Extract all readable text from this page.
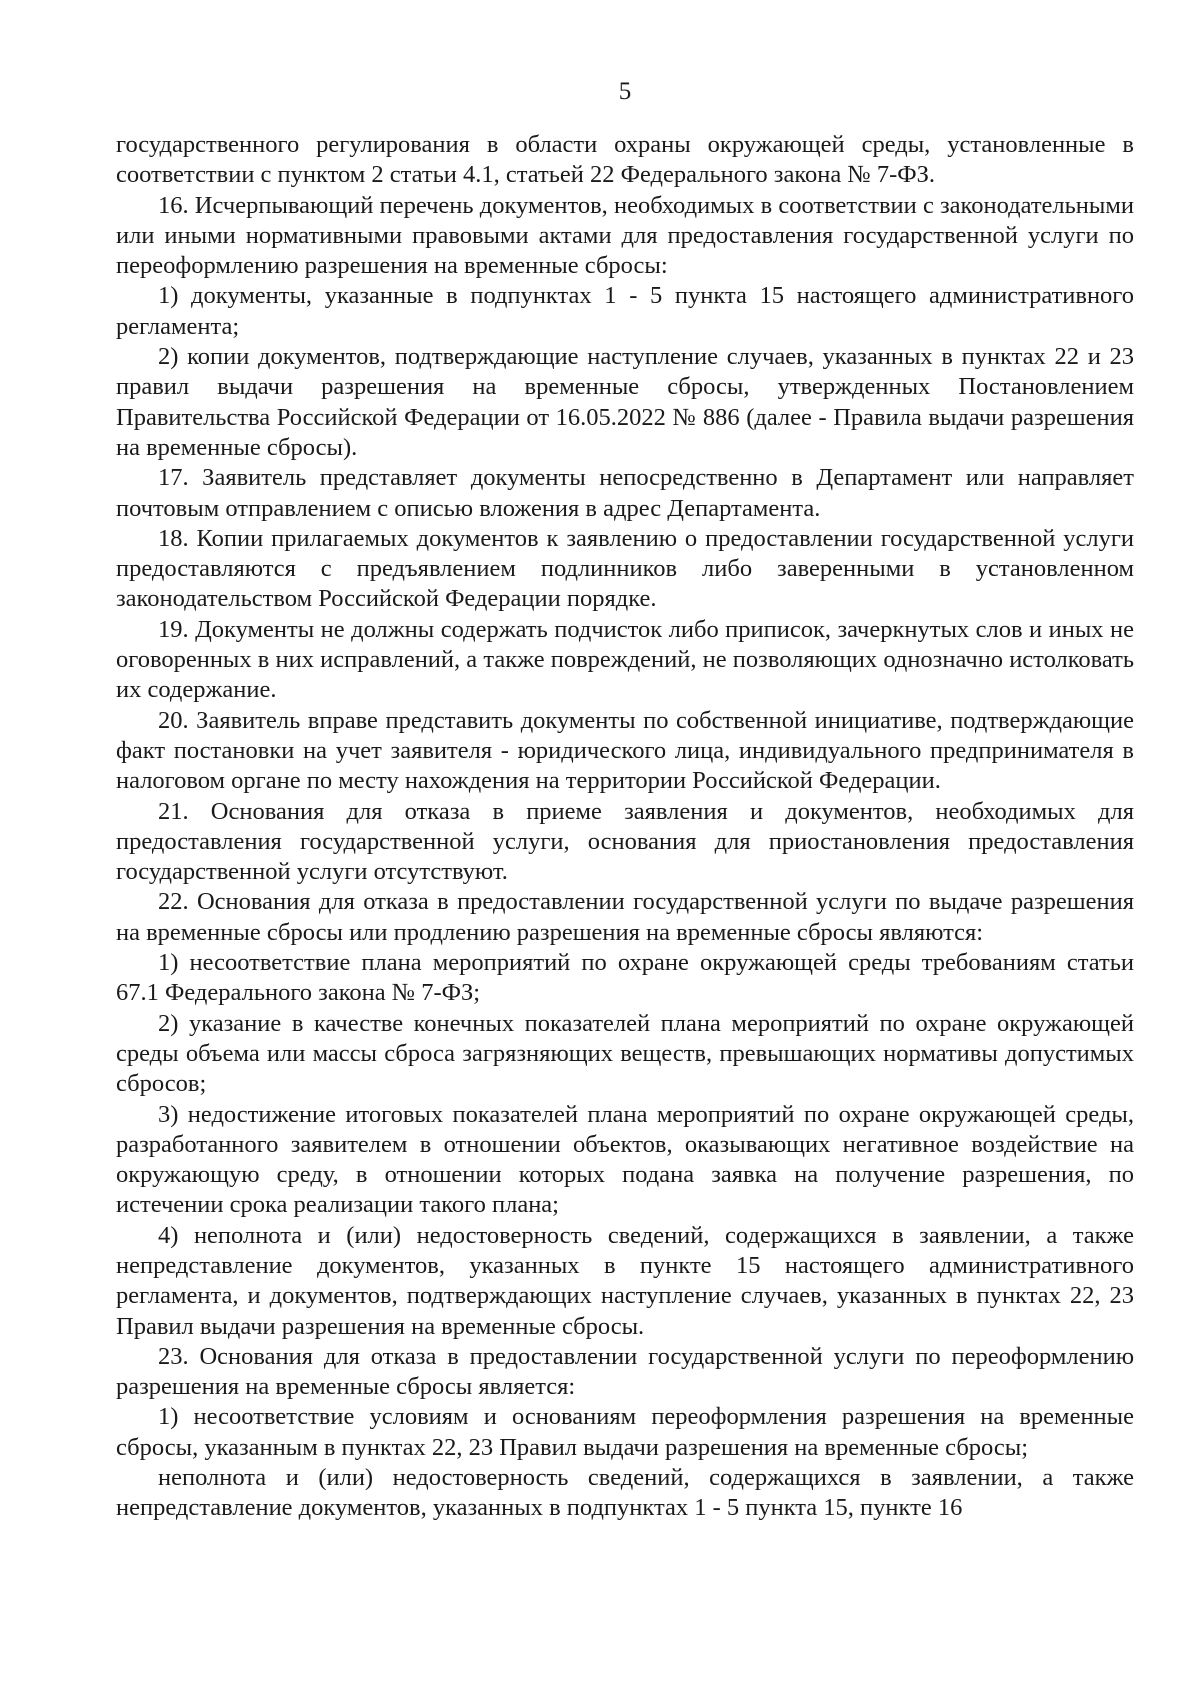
5

государственного регулирования в области охраны окружающей среды, установленные в соответствии с пунктом 2 статьи 4.1, статьей 22 Федерального закона № 7-ФЗ.

16. Исчерпывающий перечень документов, необходимых в соответствии с законодательными или иными нормативными правовыми актами для предоставления государственной услуги по переоформлению разрешения на временные сбросы:

1) документы, указанные в подпунктах 1 - 5 пункта 15 настоящего административного регламента;

2) копии документов, подтверждающие наступление случаев, указанных в пунктах 22 и 23 правил выдачи разрешения на временные сбросы, утвержденных Постановлением Правительства Российской Федерации от 16.05.2022 № 886 (далее - Правила выдачи разрешения на временные сбросы).

17. Заявитель представляет документы непосредственно в Департамент или направляет почтовым отправлением с описью вложения в адрес Департамента.

18. Копии прилагаемых документов к заявлению о предоставлении государственной услуги предоставляются с предъявлением подлинников либо заверенными в установленном законодательством Российской Федерации порядке.

19. Документы не должны содержать подчисток либо приписок, зачеркнутых слов и иных не оговоренных в них исправлений, а также повреждений, не позволяющих однозначно истолковать их содержание.

20. Заявитель вправе представить документы по собственной инициативе, подтверждающие факт постановки на учет заявителя - юридического лица, индивидуального предпринимателя в налоговом органе по месту нахождения на территории Российской Федерации.

21. Основания для отказа в приеме заявления и документов, необходимых для предоставления государственной услуги, основания для приостановления предоставления государственной услуги отсутствуют.

22. Основания для отказа в предоставлении государственной услуги по выдаче разрешения на временные сбросы или продлению разрешения на временные сбросы являются:

1) несоответствие плана мероприятий по охране окружающей среды требованиям статьи 67.1 Федерального закона № 7-ФЗ;

2) указание в качестве конечных показателей плана мероприятий по охране окружающей среды объема или массы сброса загрязняющих веществ, превышающих нормативы допустимых сбросов;

3) недостижение итоговых показателей плана мероприятий по охране окружающей среды, разработанного заявителем в отношении объектов, оказывающих негативное воздействие на окружающую среду, в отношении которых подана заявка на получение разрешения, по истечении срока реализации такого плана;

4) неполнота и (или) недостоверность сведений, содержащихся в заявлении, а также непредставление документов, указанных в пункте 15 настоящего административного регламента, и документов, подтверждающих наступление случаев, указанных в пунктах 22, 23 Правил выдачи разрешения на временные сбросы.

23. Основания для отказа в предоставлении государственной услуги по переоформлению разрешения на временные сбросы является:

1) несоответствие условиям и основаниям переоформления разрешения на временные сбросы, указанным в пунктах 22, 23 Правил выдачи разрешения на временные сбросы;

неполнота и (или) недостоверность сведений, содержащихся в заявлении, а также непредставление документов, указанных в подпунктах 1 - 5 пункта 15, пункте 16
